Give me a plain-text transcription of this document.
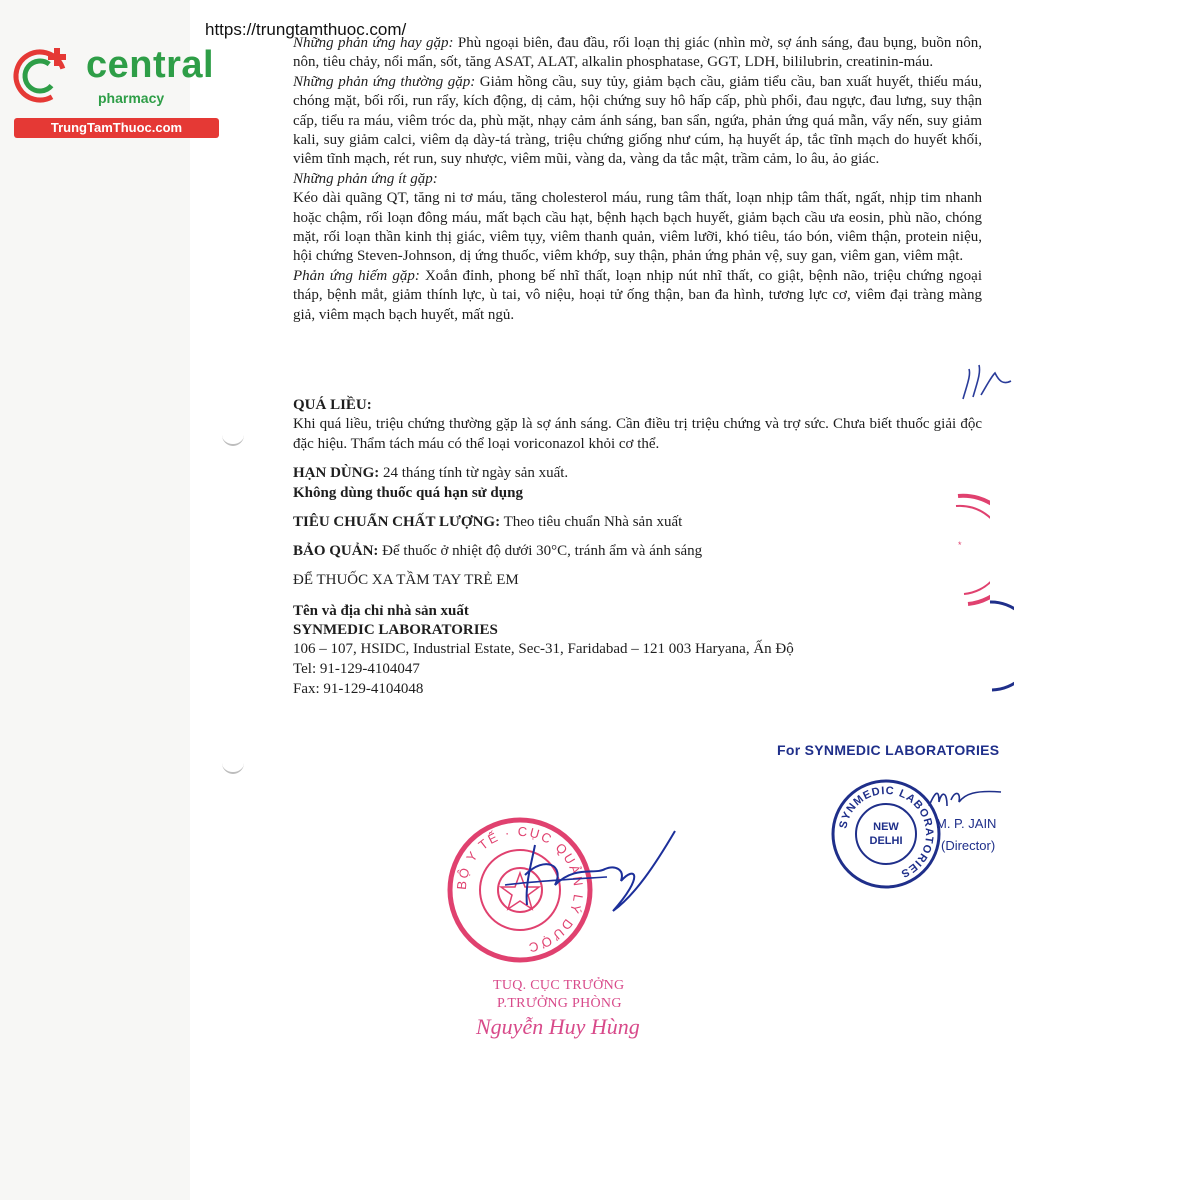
central
pharmacy
TrungTamThuoc.com
https://trungtamthuoc.com/

Những phản ứng hay gặp: Phù ngoại biên, đau đầu, rối loạn thị giác (nhìn mờ, sợ ánh sáng, đau bụng, buồn nôn, nôn, tiêu chảy, nổi mẩn, sốt, tăng ASAT, ALAT, alkalin phosphatase, GGT, LDH, bililubrin, creatinin-máu.

Những phản ứng thường gặp: Giảm hồng cầu, suy tủy, giảm bạch cầu, giảm tiểu cầu, ban xuất huyết, thiếu máu, chóng mặt, bối rối, run rẩy, kích động, dị cảm, hội chứng suy hô hấp cấp, phù phổi, đau ngực, đau lưng, suy thận cấp, tiểu ra máu, viêm tróc da, phù mặt, nhạy cảm ánh sáng, ban sẩn, ngứa, phản ứng quá mẫn, vẩy nến, suy giảm kali, suy giảm calci, viêm dạ dày-tá tràng, triệu chứng giống như cúm, hạ huyết áp, tắc tĩnh mạch do huyết khối, viêm tĩnh mạch, rét run, suy nhược, viêm mũi, vàng da, vàng da tắc mật, trầm cảm, lo âu, ảo giác.

Những phản ứng ít gặp:

Kéo dài quãng QT, tăng ni tơ máu, tăng cholesterol máu, rung tâm thất, loạn nhịp tâm thất, ngất, nhịp tim nhanh hoặc chậm, rối loạn đông máu, mất bạch cầu hạt, bệnh hạch bạch huyết, giảm bạch cầu ưa eosin, phù não, chóng mặt, rối loạn thần kinh thị giác, viêm tụy, viêm thanh quản, viêm lưỡi, khó tiêu, táo bón, viêm thận, protein niệu, hội chứng Steven-Johnson, dị ứng thuốc, viêm khớp, suy thận, phản ứng phản vệ, suy gan, viêm gan, viêm mật.

Phản ứng hiếm gặp: Xoắn đỉnh, phong bế nhĩ thất, loạn nhịp nút nhĩ thất, co giật, bệnh não, triệu chứng ngoại tháp, bệnh mắt, giảm thính lực, ù tai, vô niệu, hoại tử ống thận, ban đa hình, tương lực cơ, viêm đại tràng màng giả, viêm mạch bạch huyết, mất ngủ.

QUÁ LIỀU:
Khi quá liều, triệu chứng thường gặp là sợ ánh sáng. Cần điều trị triệu chứng và trợ sức. Chưa biết thuốc giải độc đặc hiệu. Thẩm tách máu có thể loại voriconazol khỏi cơ thể.
HẠN DÙNG: 24 tháng tính từ ngày sản xuất.
Không dùng thuốc quá hạn sử dụng
TIÊU CHUẨN CHẤT LƯỢNG: Theo tiêu chuẩn Nhà sản xuất
BẢO QUẢN: Để thuốc ở nhiệt độ dưới 30°C, tránh ẩm và ánh sáng
ĐỂ THUỐC XA TẦM TAY TRẺ EM
Tên và địa chỉ nhà sản xuất
SYNMEDIC LABORATORIES
106 – 107, HSIDC, Industrial Estate, Sec-31, Faridabad – 121 003 Haryana, Ấn Độ
Tel: 91-129-4104047
Fax: 91-129-4104048
*
For SYNMEDIC LABORATORIES
SYNMEDIC LABORATORIES
NEW
DELHI
M. P. JAIN
(Director)
BỘ Y TẾ · CỤC QUẢN LÝ DƯỢC
TUQ. CỤC TRƯỞNG
P.TRƯỞNG PHÒNG
Nguyễn Huy Hùng
